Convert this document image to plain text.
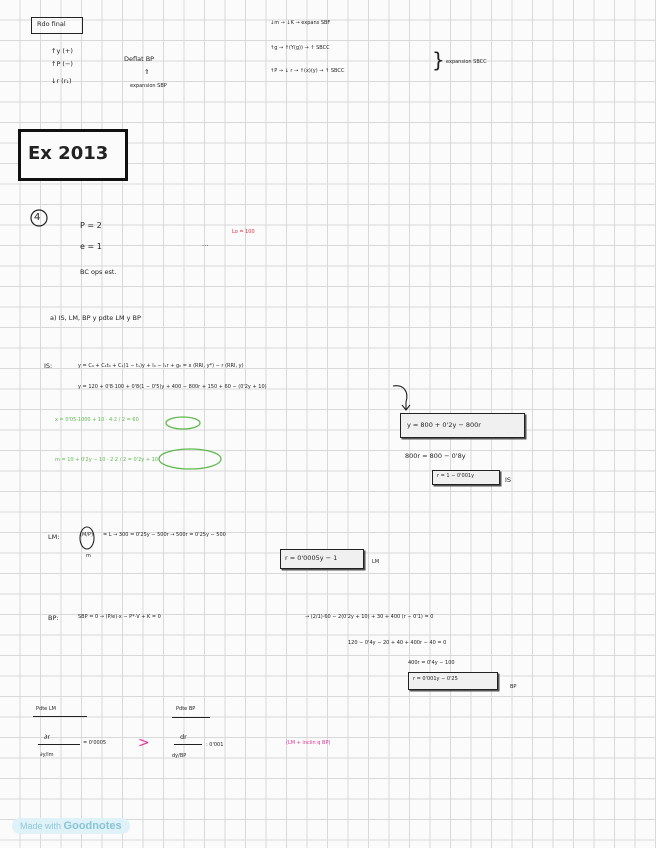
Rdo final
↑y (+)
↑P (−)
↓r (r₁)
Deflat BP
⇑
expansion SBP
↓m → ↓K → expans SBF
↑g → ↑(Y(g)) → ↑ SBCC
↑P → ↓ r → ↑(x)(y) → ↑ SBCC	} expansion SBCC
Ex 2013
4
P = 2
e = 1
BC ops est.
...
Lo = 100
a) IS, LM, BP y pdte LM y BP
IS:	y = C₀ + C₁t₀ + C₁(1 − t₁)y + I₀ − I₁r + g₀ = x (RRI, y*) − r (RRI, y)
y = 120 + 0'8·100 + 0'8(1 − 0'5)y + 400 − 800r + 150 + 60 − (0'2y + 10)
x = 0'05·1000 + 10 · 4·2 / 2 = 60
m = 10 + 0'2y − 10 · 2·2 / 2 = 0'2y + 10
y = 800 + 0'2y − 800r
800r = 800 − 0'8y
r = 1 − 0'001y	IS
LM:	(M/P)
m
= L → 300 = 0'25y − 500r → 500r = 0'25y − 500
r = 0'0005y − 1	LM
BP:	SBP = 0 → (P/e)·x − P*·V + K = 0	→ (2/1)·60 − 2(0'2y + 10) + 30 + 400 (r − 0'1) = 0
120 − 0'4y − 20 + 40 + 400r − 40 = 0
400r = 0'4y − 100
r = 0'001y − 0'25
BP
Pdte LM
∂r
∂y/lm
= 0'0005 >
Pdte BP
dr
dy/BP
: 0'001	(LM + inclin q BP)
Made with Goodnotes
